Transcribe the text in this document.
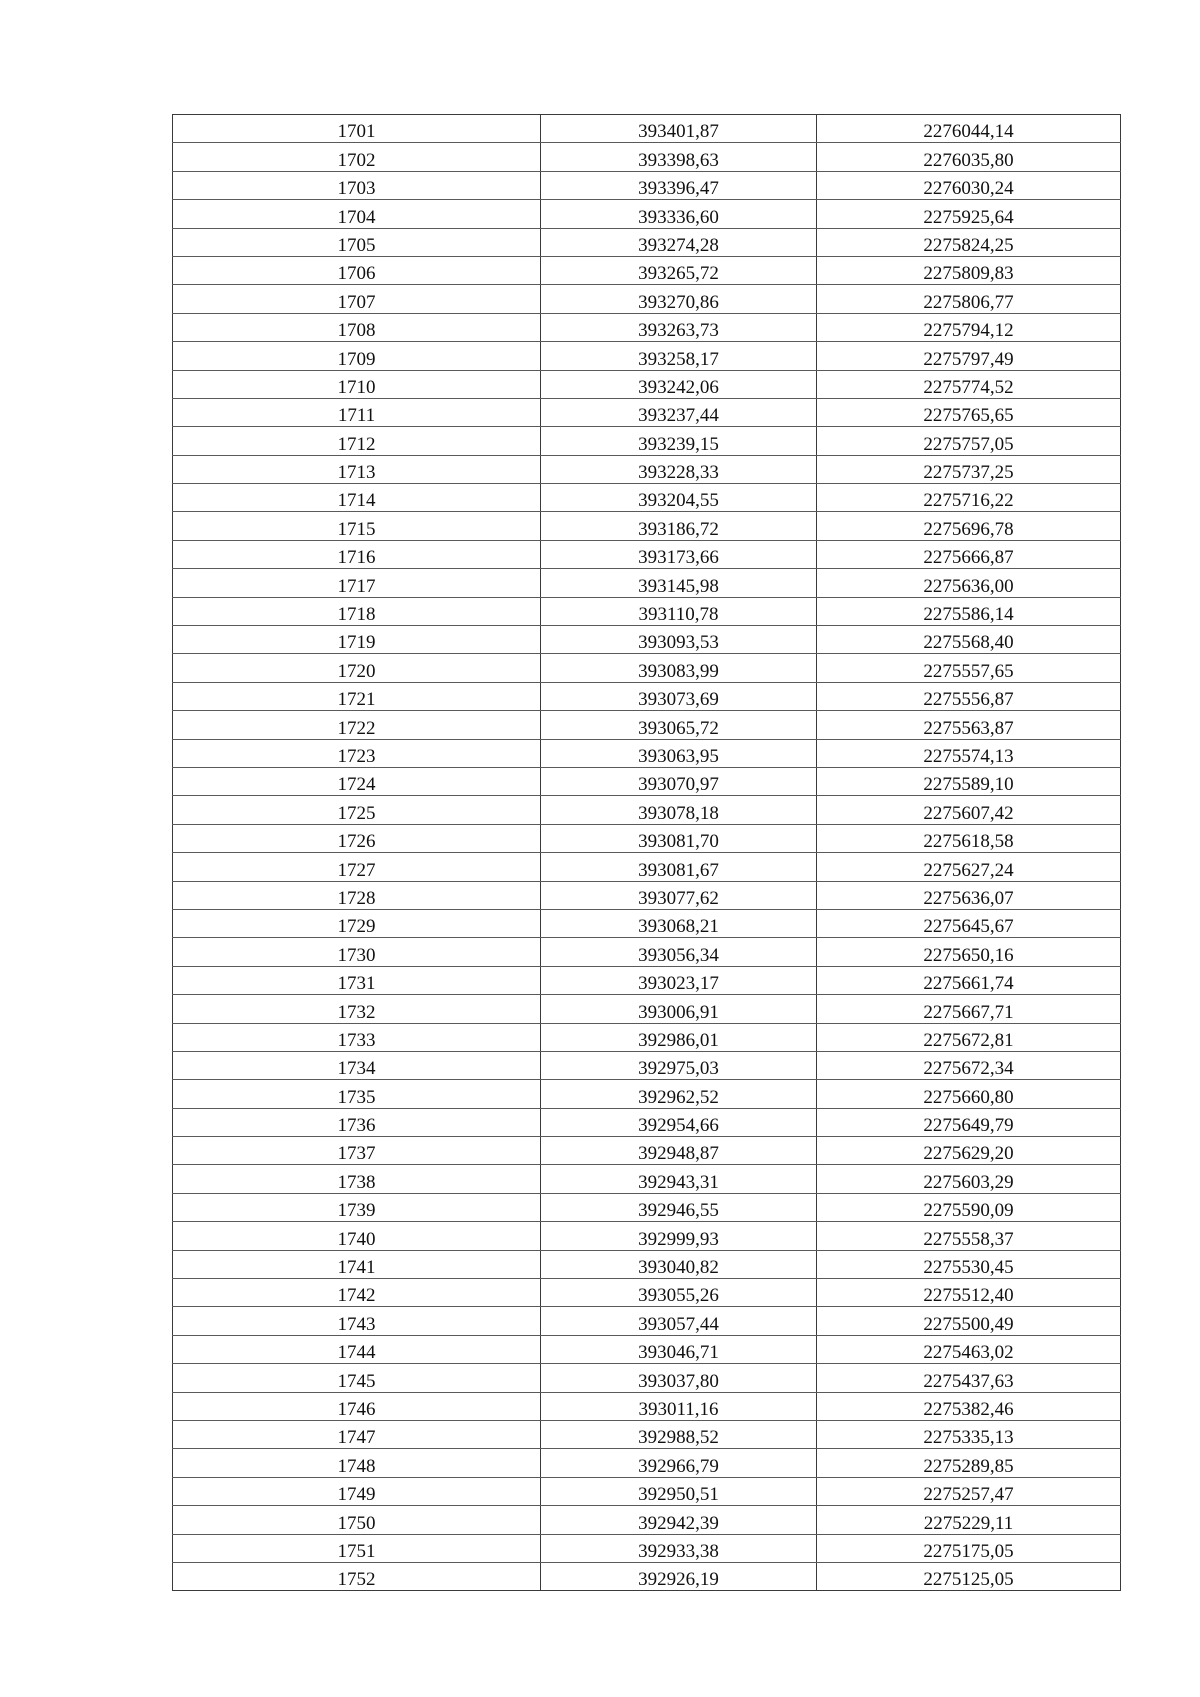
1701	393401,87	2276044,14
1702	393398,63	2276035,80
1703	393396,47	2276030,24
1704	393336,60	2275925,64
1705	393274,28	2275824,25
1706	393265,72	2275809,83
1707	393270,86	2275806,77
1708	393263,73	2275794,12
1709	393258,17	2275797,49
1710	393242,06	2275774,52
1711	393237,44	2275765,65
1712	393239,15	2275757,05
1713	393228,33	2275737,25
1714	393204,55	2275716,22
1715	393186,72	2275696,78
1716	393173,66	2275666,87
1717	393145,98	2275636,00
1718	393110,78	2275586,14
1719	393093,53	2275568,40
1720	393083,99	2275557,65
1721	393073,69	2275556,87
1722	393065,72	2275563,87
1723	393063,95	2275574,13
1724	393070,97	2275589,10
1725	393078,18	2275607,42
1726	393081,70	2275618,58
1727	393081,67	2275627,24
1728	393077,62	2275636,07
1729	393068,21	2275645,67
1730	393056,34	2275650,16
1731	393023,17	2275661,74
1732	393006,91	2275667,71
1733	392986,01	2275672,81
1734	392975,03	2275672,34
1735	392962,52	2275660,80
1736	392954,66	2275649,79
1737	392948,87	2275629,20
1738	392943,31	2275603,29
1739	392946,55	2275590,09
1740	392999,93	2275558,37
1741	393040,82	2275530,45
1742	393055,26	2275512,40
1743	393057,44	2275500,49
1744	393046,71	2275463,02
1745	393037,80	2275437,63
1746	393011,16	2275382,46
1747	392988,52	2275335,13
1748	392966,79	2275289,85
1749	392950,51	2275257,47
1750	392942,39	2275229,11
1751	392933,38	2275175,05
1752	392926,19	2275125,05
